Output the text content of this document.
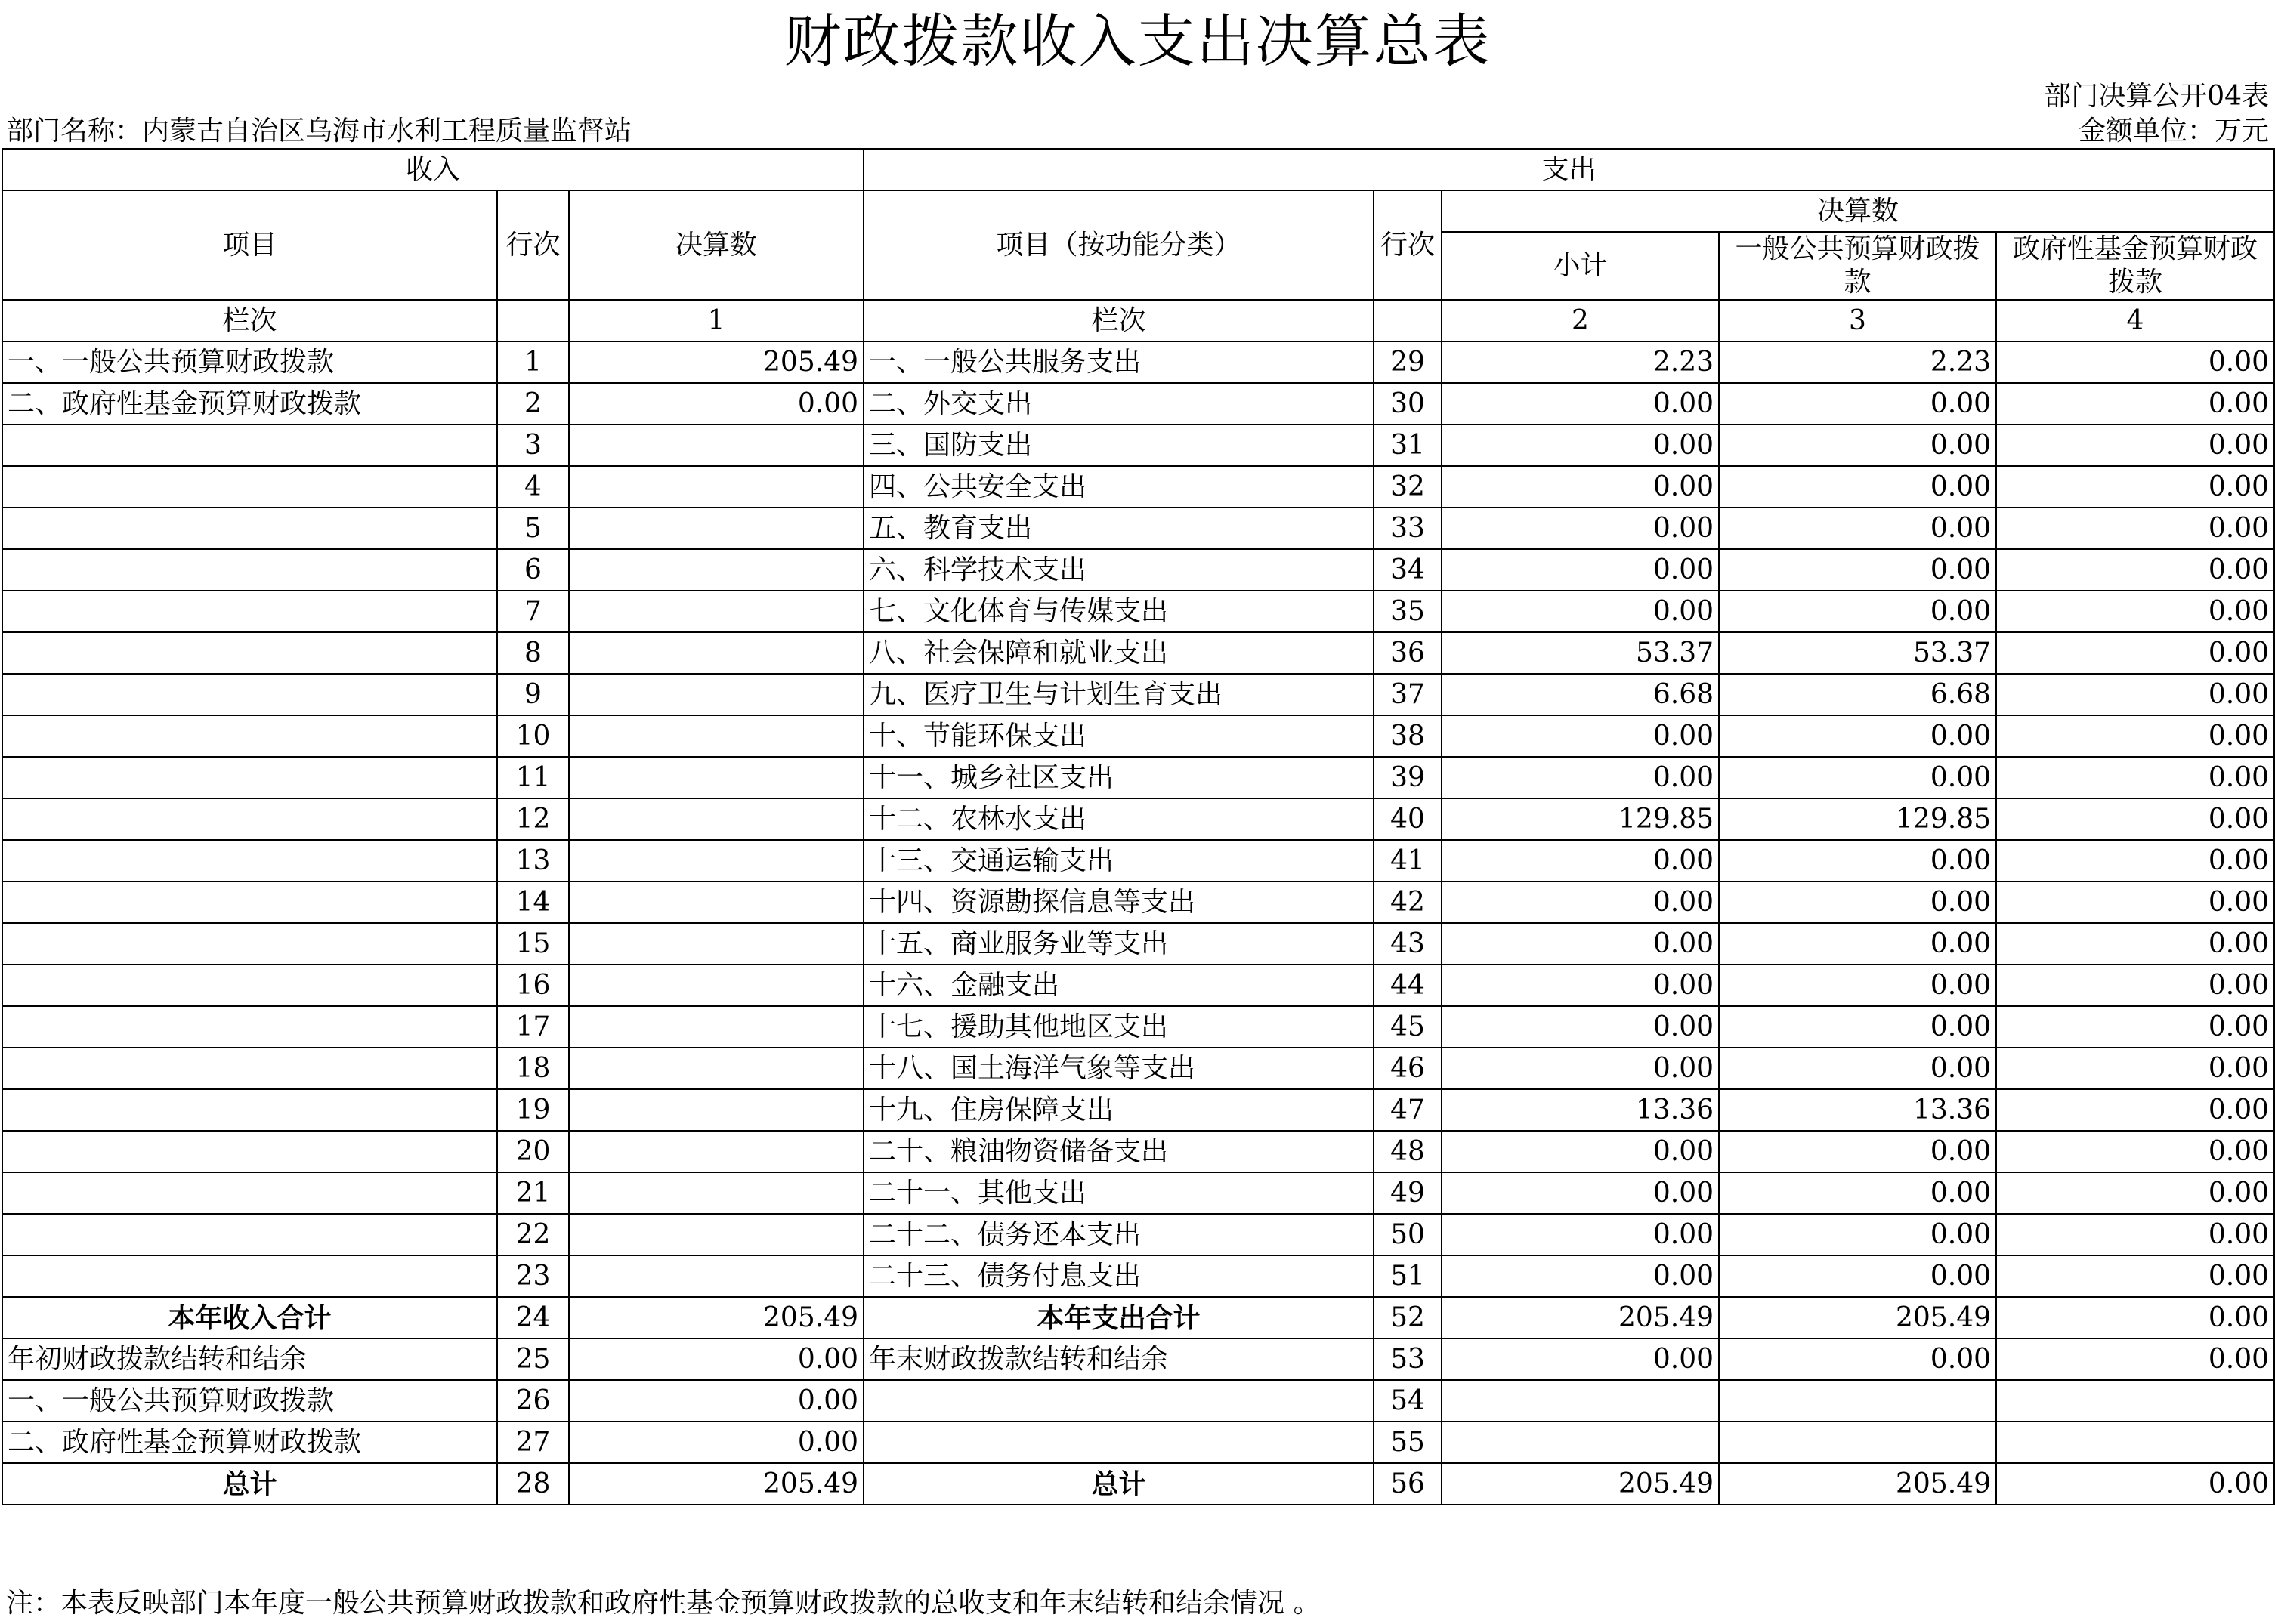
财政拨款收入支出决算总表
部门决算公开04表
部门名称：内蒙古自治区乌海市水利工程质量监督站	金额单位：万元
收入			支出				
项目	行次	决算数	项目（按功能分类）	行次	决算数		
					小计	一般公共预算财政拨款	政府性基金预算财政拨款
栏次		1	栏次		2	3	4
一、一般公共预算财政拨款	1	205.49	一、一般公共服务支出	29	2.23	2.23	0.00
二、政府性基金预算财政拨款	2	0.00	二、外交支出	30	0.00	0.00	0.00
	3		三、国防支出	31	0.00	0.00	0.00
	4		四、公共安全支出	32	0.00	0.00	0.00
	5		五、教育支出	33	0.00	0.00	0.00
	6		六、科学技术支出	34	0.00	0.00	0.00
	7		七、文化体育与传媒支出	35	0.00	0.00	0.00
	8		八、社会保障和就业支出	36	53.37	53.37	0.00
	9		九、医疗卫生与计划生育支出	37	6.68	6.68	0.00
	10		十、节能环保支出	38	0.00	0.00	0.00
	11		十一、城乡社区支出	39	0.00	0.00	0.00
	12		十二、农林水支出	40	129.85	129.85	0.00
	13		十三、交通运输支出	41	0.00	0.00	0.00
	14		十四、资源勘探信息等支出	42	0.00	0.00	0.00
	15		十五、商业服务业等支出	43	0.00	0.00	0.00
	16		十六、金融支出	44	0.00	0.00	0.00
	17		十七、援助其他地区支出	45	0.00	0.00	0.00
	18		十八、国土海洋气象等支出	46	0.00	0.00	0.00
	19		十九、住房保障支出	47	13.36	13.36	0.00
	20		二十、粮油物资储备支出	48	0.00	0.00	0.00
	21		二十一、其他支出	49	0.00	0.00	0.00
	22		二十二、债务还本支出	50	0.00	0.00	0.00
	23		二十三、债务付息支出	51	0.00	0.00	0.00
本年收入合计	24	205.49	本年支出合计	52	205.49	205.49	0.00
年初财政拨款结转和结余	25	0.00	年末财政拨款结转和结余	53	0.00	0.00	0.00
一、一般公共预算财政拨款	26	0.00		54			
二、政府性基金预算财政拨款	27	0.00		55			
总计	28	205.49	总计	56	205.49	205.49	0.00
注：本表反映部门本年度一般公共预算财政拨款和政府性基金预算财政拨款的总收支和年末结转和结余情况 。
